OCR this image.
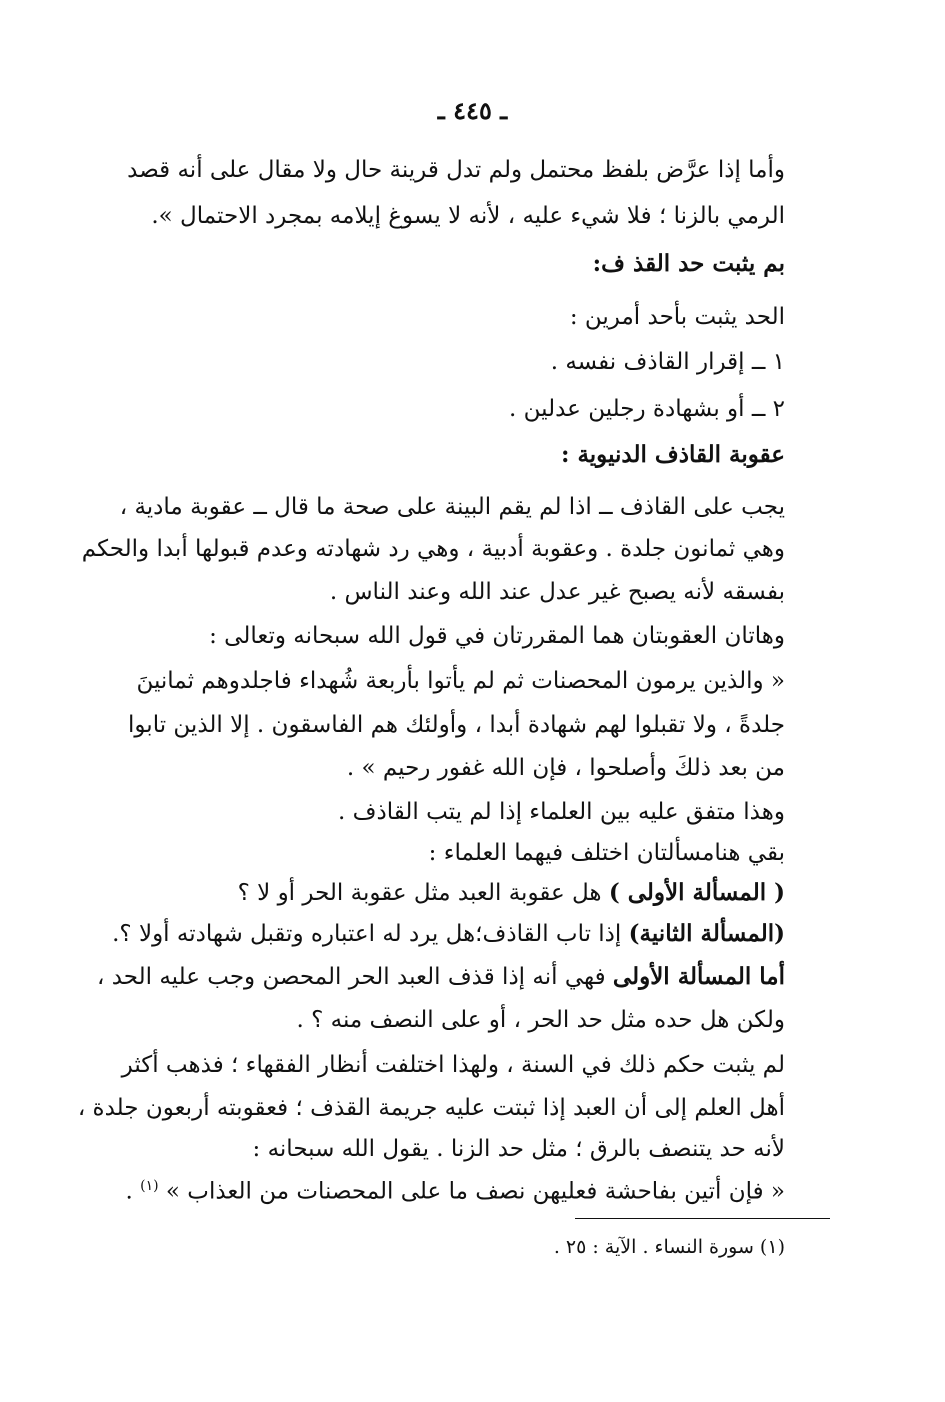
ـ ٤٤٥ ـ
وأما إذا عرَّض بلفظ محتمل ولم تدل قرينة حال ولا مقال على أنه قصد
الرمي بالزنا ؛ فلا شيء عليه ، لأنه لا يسوغ إيلامه بمجرد الاحتمال ».
بم يثبت حد القذ ف:
الحد يثبت بأحد أمرين :
١ ــ إقرار القاذف نفسه .
٢ ــ أو بشهادة رجلين عدلين .
عقوبة القاذف الدنيوية :
يجب على القاذف ــ اذا لم يقم البينة على صحة ما قال ــ عقوبة مادية ،
وهي ثمانون جلدة . وعقوبة أدبية ، وهي رد شهادته وعدم قبولها أبدا والحكم
بفسقه لأنه يصبح غير عدل عند الله وعند الناس .
وهاتان العقوبتان هما المقررتان في قول الله سبحانه وتعالى :
« والذين يرمون المحصنات ثم لم يأتوا بأربعة شُهداء فاجلدوهم ثمانينَ
جلدةً ، ولا تقبلوا لهم شهادة أبدا ، وأولئك هم الفاسقون . إلا الذين تابوا
من بعد ذلكَ وأصلحوا ، فإن الله غفور رحيم » .
وهذا متفق عليه بين العلماء إذا لم يتب القاذف .
بقي هنامسألتان اختلف فيهما العلماء :
( المسألة الأولى ) هل عقوبة العبد مثل عقوبة الحر أو لا ؟
(المسألة الثانية) إذا تاب القاذف؛هل يرد له اعتباره وتقبل شهادته أولا ؟.
أما المسألة الأولى فهي أنه إذا قذف العبد الحر المحصن وجب عليه الحد ،
ولكن هل حده مثل حد الحر ، أو على النصف منه ؟ .
لم يثبت حكم ذلك في السنة ، ولهذا اختلفت أنظار الفقهاء ؛ فذهب أكثر
أهل العلم إلى أن العبد إذا ثبتت عليه جريمة القذف ؛ فعقوبته أربعون جلدة ،
لأنه حد يتنصف بالرق ؛ مثل حد الزنا . يقول الله سبحانه :
« فإن أتين بفاحشة فعليهن نصف ما على المحصنات من العذاب » $^{(١)}$ .
(١) سورة النساء . الآية : ٢٥ .
